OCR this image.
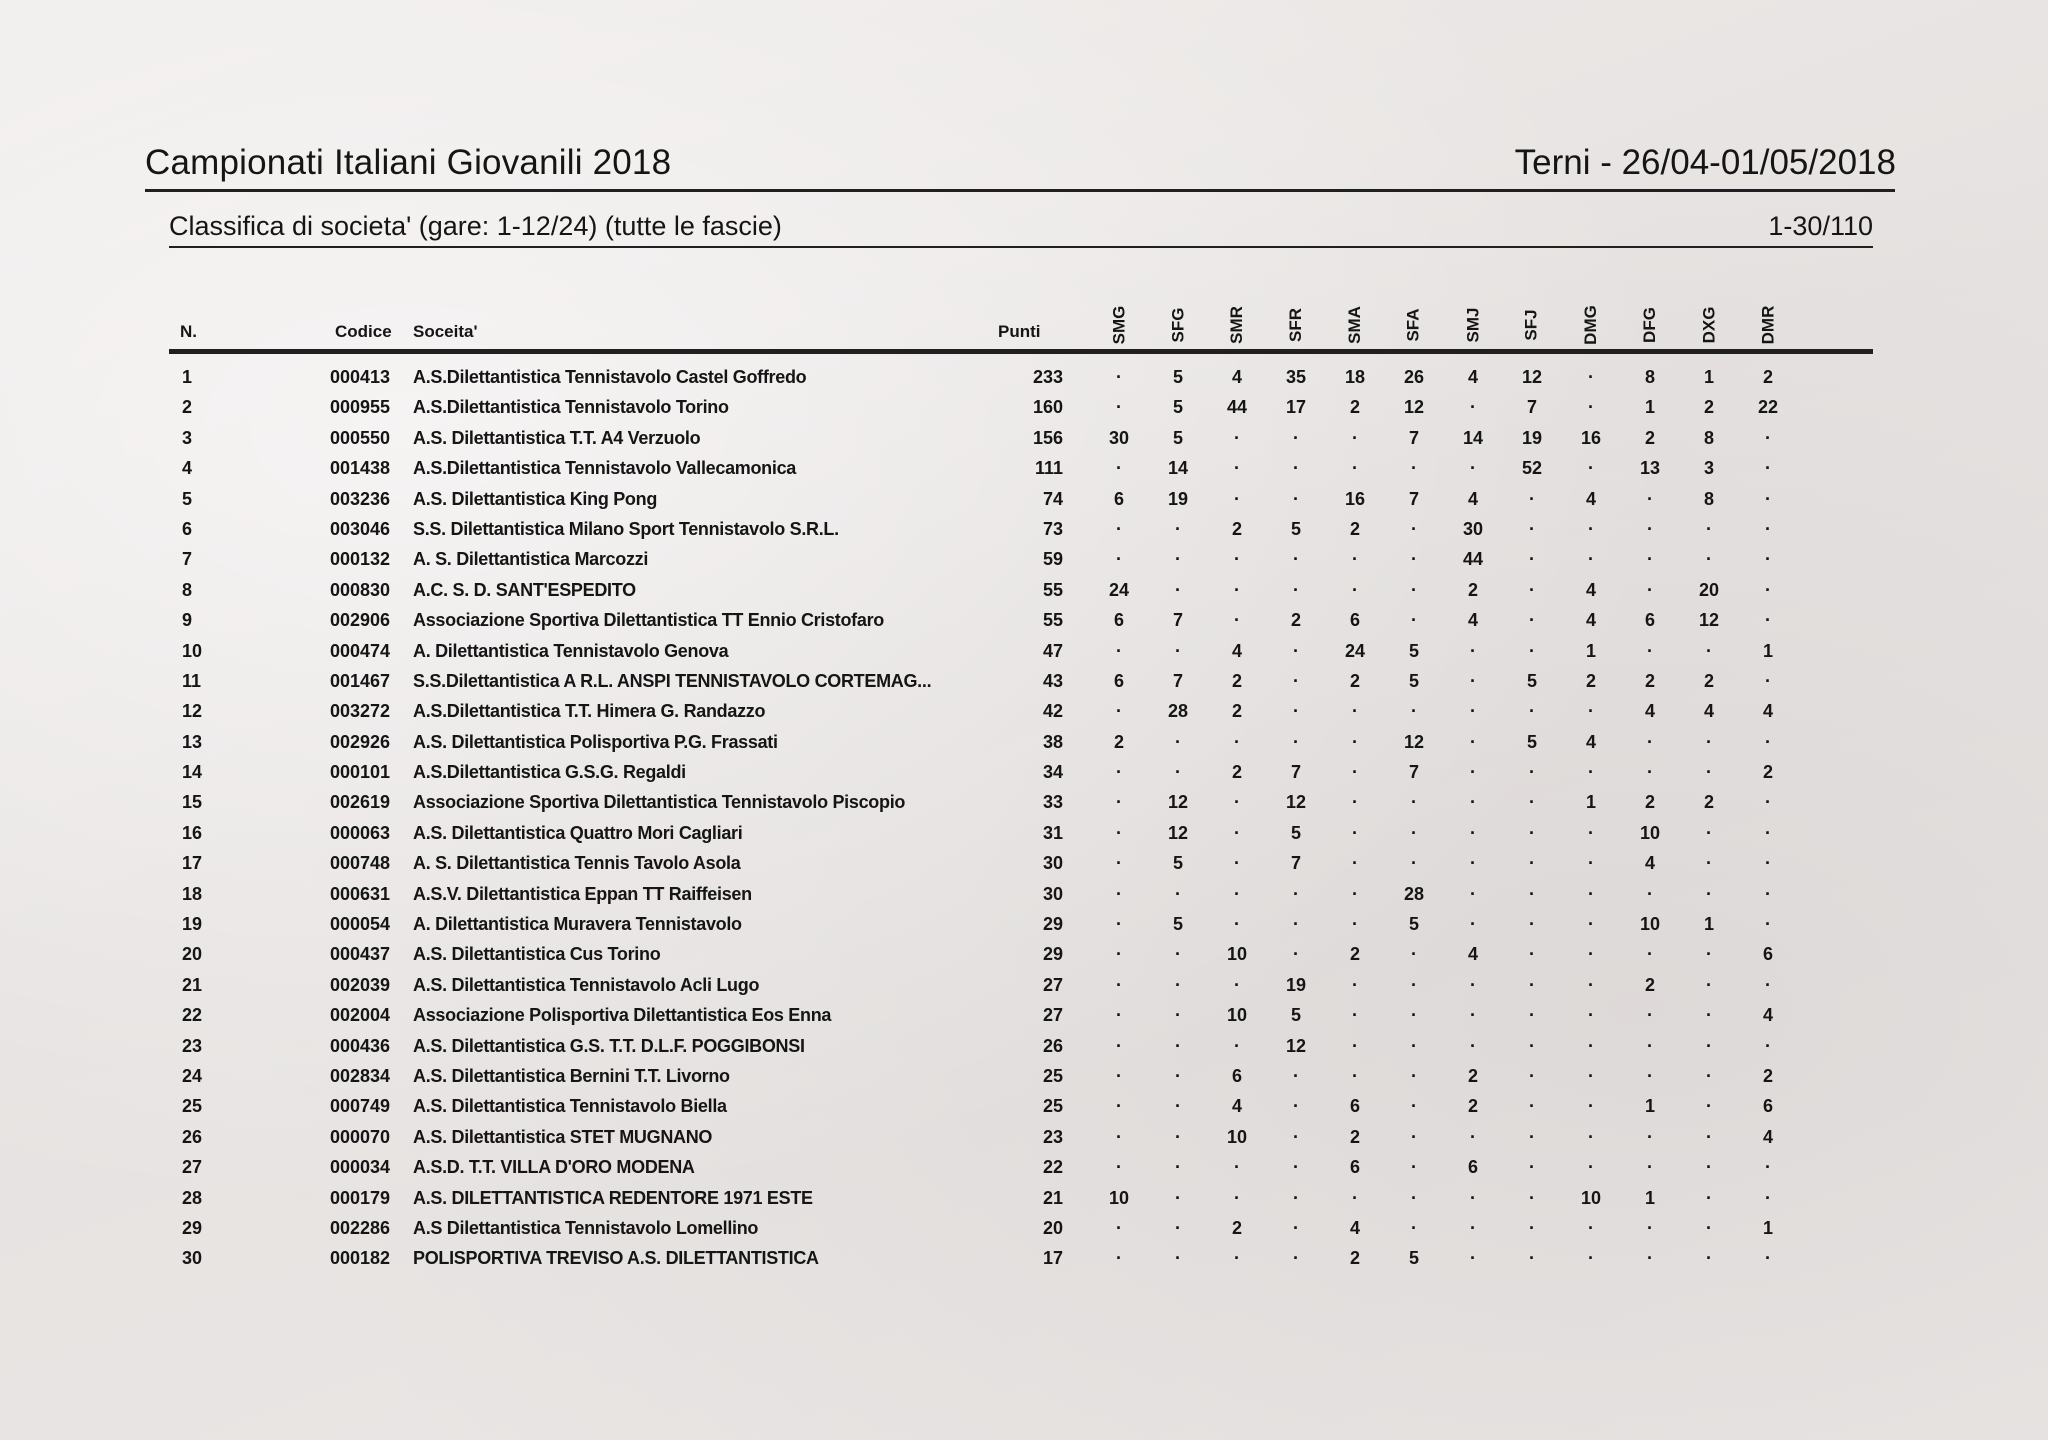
Campionati Italiani Giovanili 2018	Terni - 26/04-01/05/2018
Classifica di societa' (gare: 1-12/24) (tutte le fascie)	1-30/110
N.	Codice Soceita'	Punti	SMG SFG SMR SFR SMA SFA SMJ SFJ DMG DFG DXG DMR
1	000413 A.S.Dilettantistica Tennistavolo Castel Goffredo	233	·	5	4	35	18	26	4	12	·	8	1	2
2	000955 A.S.Dilettantistica Tennistavolo Torino	160	·	5	44	17	2	12	·	7	·	1	2	22
3	000550 A.S. Dilettantistica T.T. A4 Verzuolo	156	30	5	·	·	·	7	14	19	16	2	8	·
4	001438 A.S.Dilettantistica Tennistavolo Vallecamonica	111	·	14	·	·	·	·	·	52	·	13	3	·
5	003236 A.S. Dilettantistica King Pong	74	6	19	·	·	16	7	4	·	4	·	8	·
6	003046 S.S. Dilettantistica Milano Sport Tennistavolo S.R.L.	73	·	·	2	5	2	·	30	·	·	·	·	·
7	000132 A. S. Dilettantistica Marcozzi	59	·	·	·	·	·	·	44	·	·	·	·	·
8	000830 A.C. S. D. SANT'ESPEDITO	55	24	·	·	·	·	·	2	·	4	·	20	·
9	002906 Associazione Sportiva Dilettantistica TT Ennio Cristofaro	55	6	7	·	2	6	·	4	·	4	6	12	·
10	000474 A. Dilettantistica Tennistavolo Genova	47	·	·	4	·	24	5	·	·	1	·	·	1
11	001467 S.S.Dilettantistica A R.L. ANSPI TENNISTAVOLO CORTEMAG...	43	6	7	2	·	2	5	·	5	2	2	2	·
12	003272 A.S.Dilettantistica T.T. Himera G. Randazzo	42	·	28	2	·	·	·	·	·	·	4	4	4
13	002926 A.S. Dilettantistica Polisportiva P.G. Frassati	38	2	·	·	·	·	12	·	5	4	·	·	·
14	000101 A.S.Dilettantistica G.S.G. Regaldi	34	·	·	2	7	·	7	·	·	·	·	·	2
15	002619 Associazione Sportiva Dilettantistica Tennistavolo Piscopio	33	·	12	·	12	·	·	·	·	1	2	2	·
16	000063 A.S. Dilettantistica Quattro Mori Cagliari	31	·	12	·	5	·	·	·	·	·	10	·	·
17	000748 A. S. Dilettantistica Tennis Tavolo Asola	30	·	5	·	7	·	·	·	·	·	4	·	·
18	000631 A.S.V. Dilettantistica Eppan TT Raiffeisen	30	·	·	·	·	·	28	·	·	·	·	·	·
19	000054 A. Dilettantistica Muravera Tennistavolo	29	·	5	·	·	·	5	·	·	·	10	1	·
20	000437 A.S. Dilettantistica Cus Torino	29	·	·	10	·	2	·	4	·	·	·	·	6
21	002039 A.S. Dilettantistica Tennistavolo Acli Lugo	27	·	·	·	19	·	·	·	·	·	2	·	·
22	002004 Associazione Polisportiva Dilettantistica Eos Enna	27	·	·	10	5	·	·	·	·	·	·	·	4
23	000436 A.S. Dilettantistica G.S. T.T. D.L.F. POGGIBONSI	26	·	·	·	12	·	·	·	·	·	·	·	·
24	002834 A.S. Dilettantistica Bernini T.T. Livorno	25	·	·	6	·	·	·	2	·	·	·	·	2
25	000749 A.S. Dilettantistica Tennistavolo Biella	25	·	·	4	·	6	·	2	·	·	1	·	6
26	000070 A.S. Dilettantistica STET MUGNANO	23	·	·	10	·	2	·	·	·	·	·	·	4
27	000034 A.S.D. T.T. VILLA D'ORO MODENA	22	·	·	·	·	6	·	6	·	·	·	·	·
28	000179 A.S. DILETTANTISTICA REDENTORE 1971 ESTE	21	10	·	·	·	·	·	·	·	10	1	·	·
29	002286 A.S Dilettantistica Tennistavolo Lomellino	20	·	·	2	·	4	·	·	·	·	·	·	1
30	000182 POLISPORTIVA TREVISO A.S. DILETTANTISTICA	17	·	·	·	·	2	5	·	·	·	·	·	·
